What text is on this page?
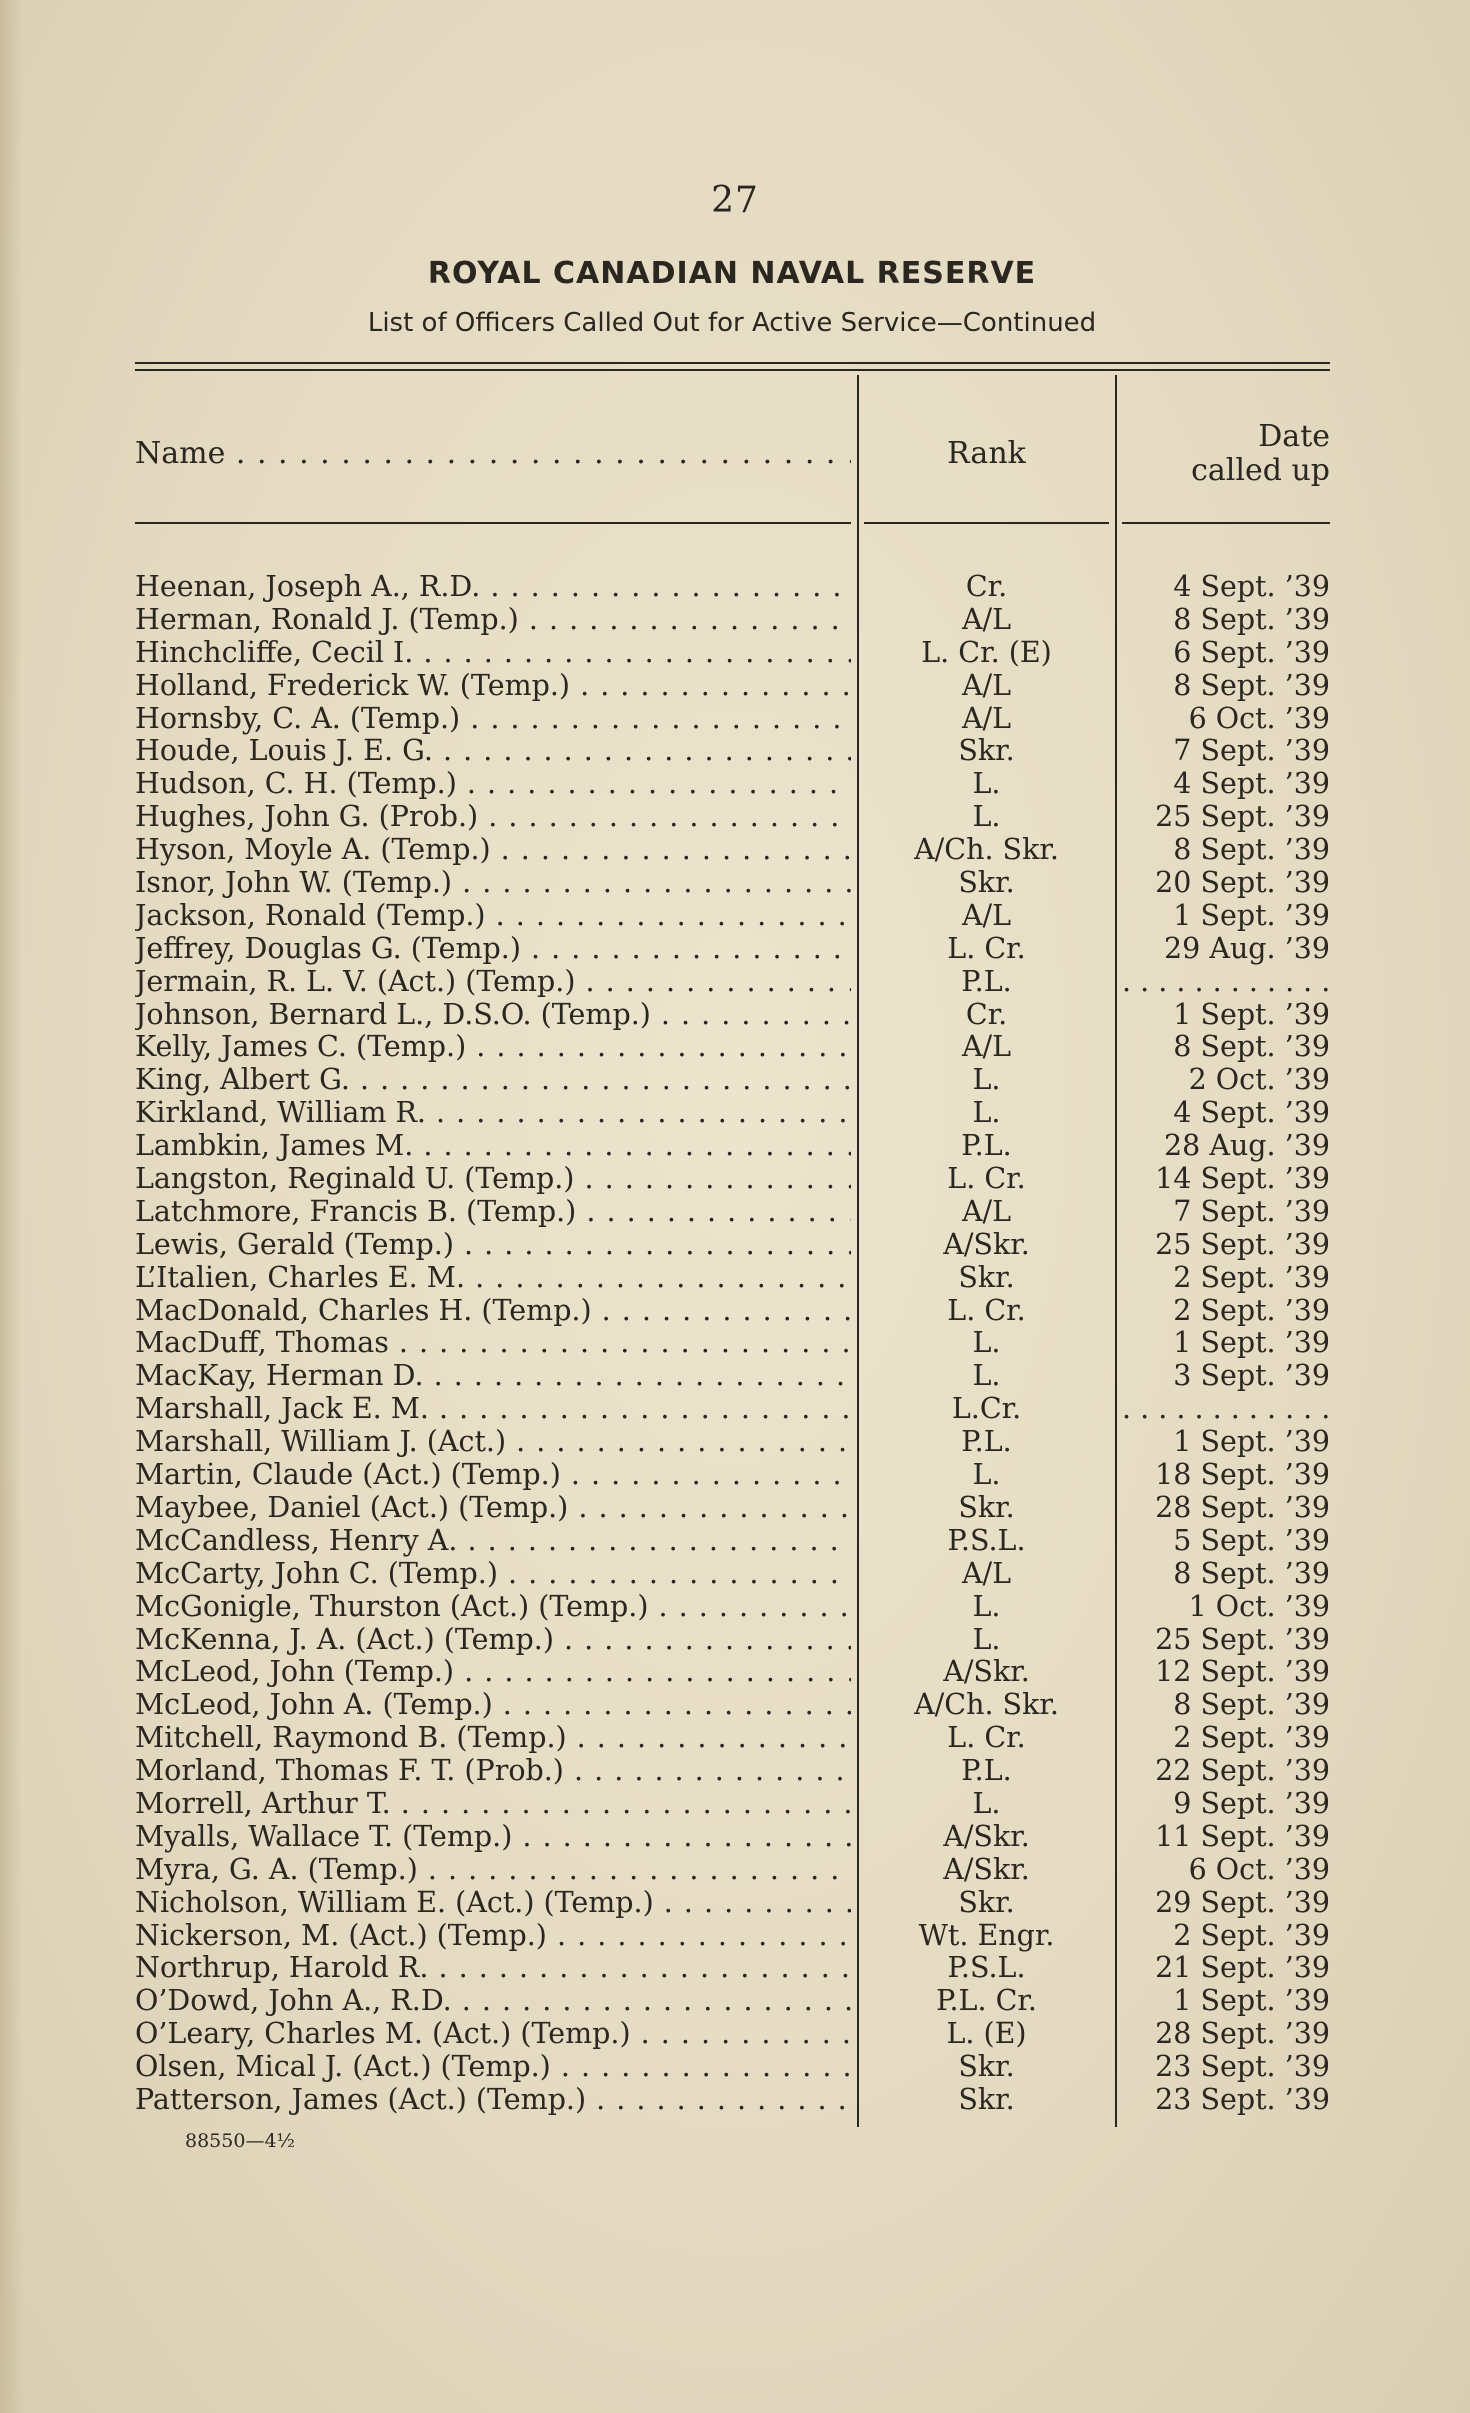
27
ROYAL CANADIAN NAVAL RESERVE
List of Officers Called Out for Active Service—Continued
Name . . .	Rank	Date
called up
Heenan, Joseph A., R.D. . . .	Cr.	4 Sept. ’39
Herman, Ronald J. (Temp.) . . .	A/L	8 Sept. ’39
Hinchcliffe, Cecil I. . . .	L. Cr. (E)	6 Sept. ’39
Holland, Frederick W. (Temp.) . . .	A/L	8 Sept. ’39
Hornsby, C. A. (Temp.) . . .	A/L	6 Oct. ’39
Houde, Louis J. E. G. . . .	Skr.	7 Sept. ’39
Hudson, C. H. (Temp.) . . .	L.	4 Sept. ’39
Hughes, John G. (Prob.) . . .	L.	25 Sept. ’39
Hyson, Moyle A. (Temp.) . . .	A/Ch. Skr.	8 Sept. ’39
Isnor, John W. (Temp.) . . .	Skr.	20 Sept. ’39
Jackson, Ronald (Temp.) . . .	A/L	1 Sept. ’39
Jeffrey, Douglas G. (Temp.) . . .	L. Cr.	29 Aug. ’39
Jermain, R. L. V. (Act.) (Temp.) . . .	P.L.	. . . . . . . . . . . .
Johnson, Bernard L., D.S.O. (Temp.) . . .	Cr.	1 Sept. ’39
Kelly, James C. (Temp.) . . .	A/L	8 Sept. ’39
King, Albert G. . . .	L.	2 Oct. ’39
Kirkland, William R. . . .	L.	4 Sept. ’39
Lambkin, James M. . . .	P.L.	28 Aug. ’39
Langston, Reginald U. (Temp.) . . .	L. Cr.	14 Sept. ’39
Latchmore, Francis B. (Temp.) . . .	A/L	7 Sept. ’39
Lewis, Gerald (Temp.) . . .	A/Skr.	25 Sept. ’39
L’Italien, Charles E. M. . . .	Skr.	2 Sept. ’39
MacDonald, Charles H. (Temp.) . . .	L. Cr.	2 Sept. ’39
MacDuff, Thomas . . .	L.	1 Sept. ’39
MacKay, Herman D. . . .	L.	3 Sept. ’39
Marshall, Jack E. M. . . .	L.Cr.	. . . . . . . . . . . .
Marshall, William J. (Act.) . . .	P.L.	1 Sept. ’39
Martin, Claude (Act.) (Temp.) . . .	L.	18 Sept. ’39
Maybee, Daniel (Act.) (Temp.) . . .	Skr.	28 Sept. ’39
McCandless, Henry A. . . .	P.S.L.	5 Sept. ’39
McCarty, John C. (Temp.) . . .	A/L	8 Sept. ’39
McGonigle, Thurston (Act.) (Temp.) . . .	L.	1 Oct. ’39
McKenna, J. A. (Act.) (Temp.) . . .	L.	25 Sept. ’39
McLeod, John (Temp.) . . .	A/Skr.	12 Sept. ’39
McLeod, John A. (Temp.) . . .	A/Ch. Skr.	8 Sept. ’39
Mitchell, Raymond B. (Temp.) . . .	L. Cr.	2 Sept. ’39
Morland, Thomas F. T. (Prob.) . . .	P.L.	22 Sept. ’39
Morrell, Arthur T. . . .	L.	9 Sept. ’39
Myalls, Wallace T. (Temp.) . . .	A/Skr.	11 Sept. ’39
Myra, G. A. (Temp.) . . .	A/Skr.	6 Oct. ’39
Nicholson, William E. (Act.) (Temp.) . . .	Skr.	29 Sept. ’39
Nickerson, M. (Act.) (Temp.) . . .	Wt. Engr.	2 Sept. ’39
Northrup, Harold R. . . .	P.S.L.	21 Sept. ’39
O’Dowd, John A., R.D. . . .	P.L. Cr.	1 Sept. ’39
O’Leary, Charles M. (Act.) (Temp.) . . .	L. (E)	28 Sept. ’39
Olsen, Mical J. (Act.) (Temp.) . . .	Skr.	23 Sept. ’39
Patterson, James (Act.) (Temp.) . . .	Skr.	23 Sept. ’39
88550—4½
